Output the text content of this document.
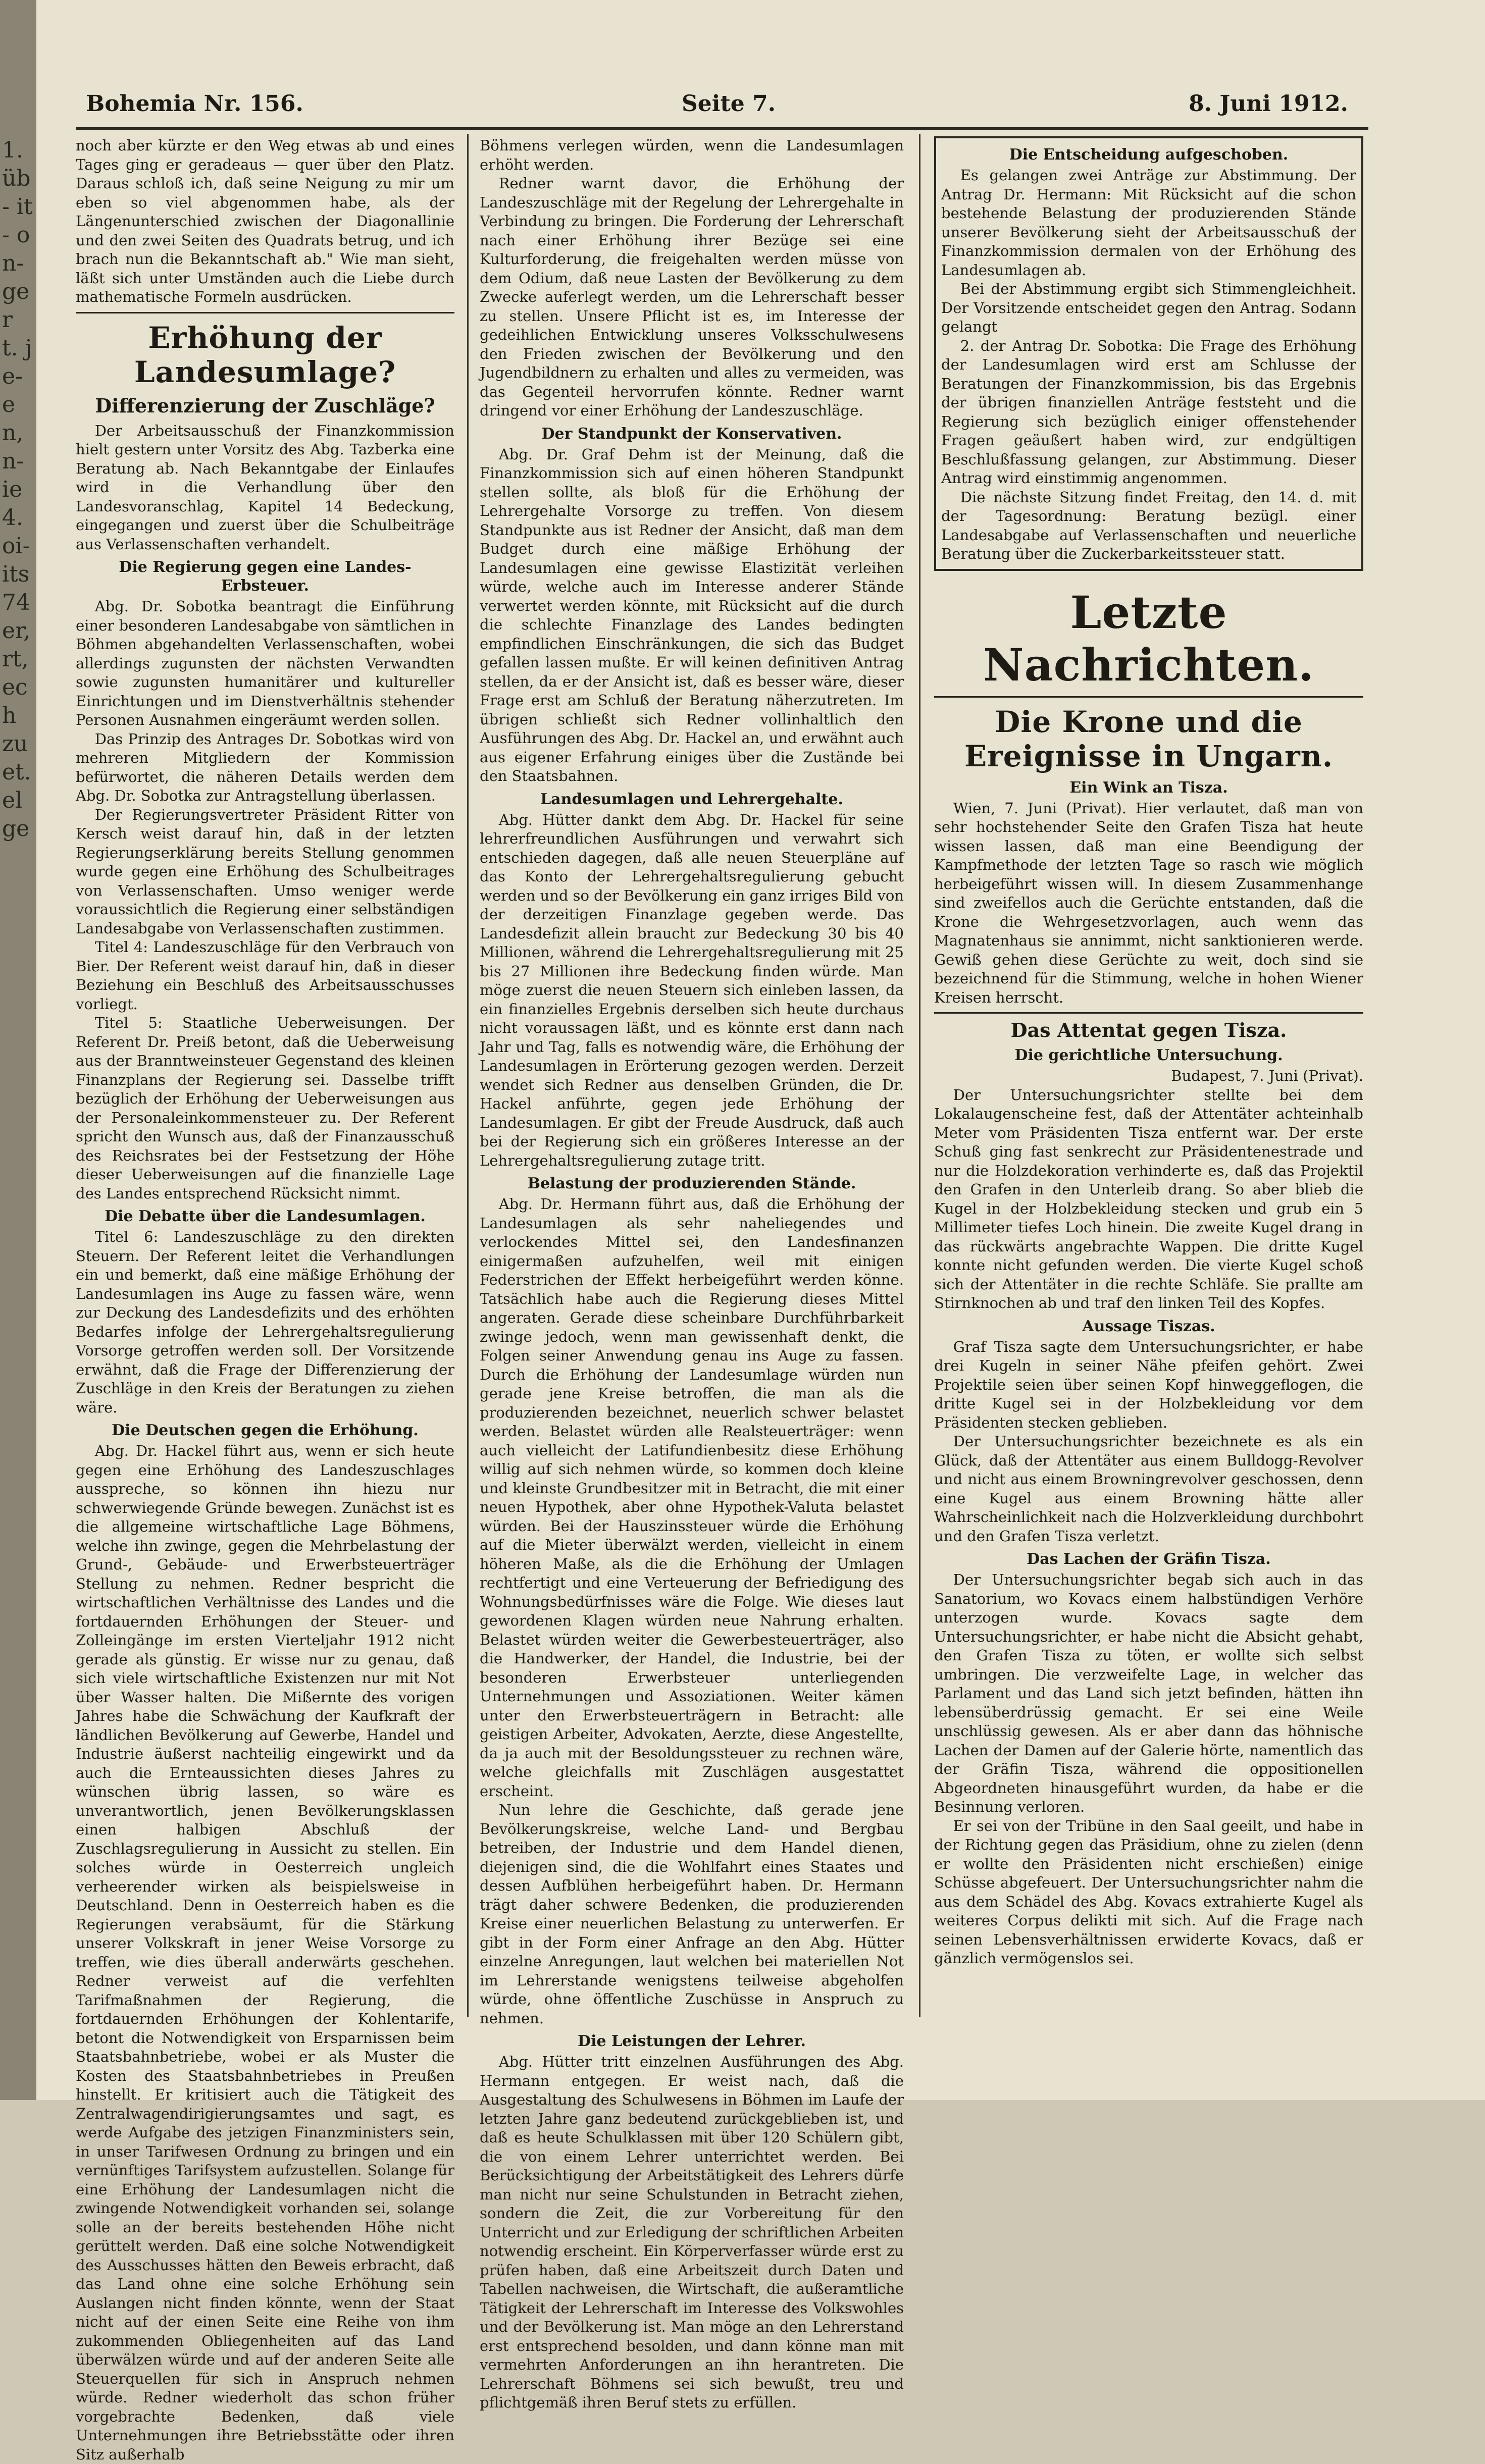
1. üb- it- on- ger t. je- en, n- ie 4. oi- its 74 er, rt, ech zu et. el ge
Bohemia Nr. 156.	Seite 7.	8. Juni 1912.

noch aber kürzte er den Weg etwas ab und eines Tages ging er geradeaus — quer über den Platz. Daraus schloß ich, daß seine Neigung zu mir um eben so viel abgenommen habe, als der Längenunterschied zwischen der Diagonallinie und den zwei Seiten des Quadrats betrug, und ich brach nun die Bekanntschaft ab." Wie man sieht, läßt sich unter Umständen auch die Liebe durch mathematische Formeln ausdrücken.

Erhöhung der Landesumlage?
Differenzierung der Zuschläge?

Der Arbeitsausschuß der Finanzkommission hielt gestern unter Vorsitz des Abg. Tazberka eine Beratung ab. Nach Bekanntgabe der Einlaufes wird in die Verhandlung über den Landesvoranschlag, Kapitel 14 Bedeckung, eingegangen und zuerst über die Schulbeiträge aus Verlassenschaften verhandelt.

Die Regierung gegen eine Landes-Erbsteuer.

Abg. Dr. Sobotka beantragt die Einführung einer besonderen Landesabgabe von sämtlichen in Böhmen abgehandelten Verlassenschaften, wobei allerdings zugunsten der nächsten Verwandten sowie zugunsten humanitärer und kultureller Einrichtungen und im Dienstverhältnis stehender Personen Ausnahmen eingeräumt werden sollen.

Das Prinzip des Antrages Dr. Sobotkas wird von mehreren Mitgliedern der Kommission befürwortet, die näheren Details werden dem Abg. Dr. Sobotka zur Antragstellung überlassen.

Der Regierungsvertreter Präsident Ritter von Kersch weist darauf hin, daß in der letzten Regierungserklärung bereits Stellung genommen wurde gegen eine Erhöhung des Schulbeitrages von Verlassenschaften. Umso weniger werde voraussichtlich die Regierung einer selbständigen Landesabgabe von Verlassenschaften zustimmen.

Titel 4: Landeszuschläge für den Verbrauch von Bier. Der Referent weist darauf hin, daß in dieser Beziehung ein Beschluß des Arbeitsausschusses vorliegt.

Titel 5: Staatliche Ueberweisungen. Der Referent Dr. Preiß betont, daß die Ueberweisung aus der Branntweinsteuer Gegenstand des kleinen Finanzplans der Regierung sei. Dasselbe trifft bezüglich der Erhöhung der Ueberweisungen aus der Personaleinkommensteuer zu. Der Referent spricht den Wunsch aus, daß der Finanzausschuß des Reichsrates bei der Festsetzung der Höhe dieser Ueberweisungen auf die finanzielle Lage des Landes entsprechend Rücksicht nimmt.

Die Debatte über die Landesumlagen.

Titel 6: Landeszuschläge zu den direkten Steuern. Der Referent leitet die Verhandlungen ein und bemerkt, daß eine mäßige Erhöhung der Landesumlagen ins Auge zu fassen wäre, wenn zur Deckung des Landesdefizits und des erhöhten Bedarfes infolge der Lehrergehaltsregulierung Vorsorge getroffen werden soll. Der Vorsitzende erwähnt, daß die Frage der Differenzierung der Zuschläge in den Kreis der Beratungen zu ziehen wäre.

Die Deutschen gegen die Erhöhung.

Abg. Dr. Hackel führt aus, wenn er sich heute gegen eine Erhöhung des Landeszuschlages ausspreche, so können ihn hiezu nur schwerwiegende Gründe bewegen. Zunächst ist es die allgemeine wirtschaftliche Lage Böhmens, welche ihn zwinge, gegen die Mehrbelastung der Grund-, Gebäude- und Erwerbsteuerträger Stellung zu nehmen. Redner bespricht die wirtschaftlichen Verhältnisse des Landes und die fortdauernden Erhöhungen der Steuer- und Zolleingänge im ersten Vierteljahr 1912 nicht gerade als günstig. Er wisse nur zu genau, daß sich viele wirtschaftliche Existenzen nur mit Not über Wasser halten. Die Mißernte des vorigen Jahres habe die Schwächung der Kaufkraft der ländlichen Bevölkerung auf Gewerbe, Handel und Industrie äußerst nachteilig eingewirkt und da auch die Ernteaussichten dieses Jahres zu wünschen übrig lassen, so wäre es unverantwortlich, jenen Bevölkerungsklassen einen halbigen Abschluß der Zuschlagsregulierung in Aussicht zu stellen. Ein solches würde in Oesterreich ungleich verheerender wirken als beispielsweise in Deutschland. Denn in Oesterreich haben es die Regierungen verabsäumt, für die Stärkung unserer Volkskraft in jener Weise Vorsorge zu treffen, wie dies überall anderwärts geschehen. Redner verweist auf die verfehlten Tarifmaßnahmen der Regierung, die fortdauernden Erhöhungen der Kohlentarife, betont die Notwendigkeit von Ersparnissen beim Staatsbahnbetriebe, wobei er als Muster die Kosten des Staatsbahnbetriebes in Preußen hinstellt. Er kritisiert auch die Tätigkeit des Zentralwagendirigierungsamtes und sagt, es werde Aufgabe des jetzigen Finanzministers sein, in unser Tarifwesen Ordnung zu bringen und ein vernünftiges Tarifsystem aufzustellen. Solange für eine Erhöhung der Landesumlagen nicht die zwingende Notwendigkeit vorhanden sei, solange solle an der bereits bestehenden Höhe nicht gerüttelt werden. Daß eine solche Notwendigkeit des Ausschusses hätten den Beweis erbracht, daß das Land ohne eine solche Erhöhung sein Auslangen nicht finden könnte, wenn der Staat nicht auf der einen Seite eine Reihe von ihm zukommenden Obliegenheiten auf das Land überwälzen würde und auf der anderen Seite alle Steuerquellen für sich in Anspruch nehmen würde. Redner wiederholt das schon früher vorgebrachte Bedenken, daß viele Unternehmungen ihre Betriebsstätte oder ihren Sitz außerhalb

Böhmens verlegen würden, wenn die Landesumlagen erhöht werden.

Redner warnt davor, die Erhöhung der Landeszuschläge mit der Regelung der Lehrergehalte in Verbindung zu bringen. Die Forderung der Lehrerschaft nach einer Erhöhung ihrer Bezüge sei eine Kulturforderung, die freigehalten werden müsse von dem Odium, daß neue Lasten der Bevölkerung zu dem Zwecke auferlegt werden, um die Lehrerschaft besser zu stellen. Unsere Pflicht ist es, im Interesse der gedeihlichen Entwicklung unseres Volksschulwesens den Frieden zwischen der Bevölkerung und den Jugendbildnern zu erhalten und alles zu vermeiden, was das Gegenteil hervorrufen könnte. Redner warnt dringend vor einer Erhöhung der Landeszuschläge.

Der Standpunkt der Konservativen.

Abg. Dr. Graf Dehm ist der Meinung, daß die Finanzkommission sich auf einen höheren Standpunkt stellen sollte, als bloß für die Erhöhung der Lehrergehalte Vorsorge zu treffen. Von diesem Standpunkte aus ist Redner der Ansicht, daß man dem Budget durch eine mäßige Erhöhung der Landesumlagen eine gewisse Elastizität verleihen würde, welche auch im Interesse anderer Stände verwertet werden könnte, mit Rücksicht auf die durch die schlechte Finanzlage des Landes bedingten empfindlichen Einschränkungen, die sich das Budget gefallen lassen mußte. Er will keinen definitiven Antrag stellen, da er der Ansicht ist, daß es besser wäre, dieser Frage erst am Schluß der Beratung näherzutreten. Im übrigen schließt sich Redner vollinhaltlich den Ausführungen des Abg. Dr. Hackel an, und erwähnt auch aus eigener Erfahrung einiges über die Zustände bei den Staatsbahnen.

Landesumlagen und Lehrergehalte.

Abg. Hütter dankt dem Abg. Dr. Hackel für seine lehrerfreundlichen Ausführungen und verwahrt sich entschieden dagegen, daß alle neuen Steuerpläne auf das Konto der Lehrergehaltsregulierung gebucht werden und so der Bevölkerung ein ganz irriges Bild von der derzeitigen Finanzlage gegeben werde. Das Landesdefizit allein braucht zur Bedeckung 30 bis 40 Millionen, während die Lehrergehaltsregulierung mit 25 bis 27 Millionen ihre Bedeckung finden würde. Man möge zuerst die neuen Steuern sich einleben lassen, da ein finanzielles Ergebnis derselben sich heute durchaus nicht voraussagen läßt, und es könnte erst dann nach Jahr und Tag, falls es notwendig wäre, die Erhöhung der Landesumlagen in Erörterung gezogen werden. Derzeit wendet sich Redner aus denselben Gründen, die Dr. Hackel anführte, gegen jede Erhöhung der Landesumlagen. Er gibt der Freude Ausdruck, daß auch bei der Regierung sich ein größeres Interesse an der Lehrergehaltsregulierung zutage tritt.

Belastung der produzierenden Stände.

Abg. Dr. Hermann führt aus, daß die Erhöhung der Landesumlagen als sehr naheliegendes und verlockendes Mittel sei, den Landesfinanzen einigermaßen aufzuhelfen, weil mit einigen Federstrichen der Effekt herbeigeführt werden könne. Tatsächlich habe auch die Regierung dieses Mittel angeraten. Gerade diese scheinbare Durchführbarkeit zwinge jedoch, wenn man gewissenhaft denkt, die Folgen seiner Anwendung genau ins Auge zu fassen. Durch die Erhöhung der Landesumlage würden nun gerade jene Kreise betroffen, die man als die produzierenden bezeichnet, neuerlich schwer belastet werden. Belastet würden alle Realsteuerträger: wenn auch vielleicht der Latifundienbesitz diese Erhöhung willig auf sich nehmen würde, so kommen doch kleine und kleinste Grundbesitzer mit in Betracht, die mit einer neuen Hypothek, aber ohne Hypothek-Valuta belastet würden. Bei der Hauszinssteuer würde die Erhöhung auf die Mieter überwälzt werden, vielleicht in einem höheren Maße, als die die Erhöhung der Umlagen rechtfertigt und eine Verteuerung der Befriedigung des Wohnungsbedürfnisses wäre die Folge. Wie dieses laut gewordenen Klagen würden neue Nahrung erhalten. Belastet würden weiter die Gewerbesteuerträger, also die Handwerker, der Handel, die Industrie, bei der besonderen Erwerbsteuer unterliegenden Unternehmungen und Assoziationen. Weiter kämen unter den Erwerbsteuerträgern in Betracht: alle geistigen Arbeiter, Advokaten, Aerzte, diese Angestellte, da ja auch mit der Besoldungssteuer zu rechnen wäre, welche gleichfalls mit Zuschlägen ausgestattet erscheint.

Nun lehre die Geschichte, daß gerade jene Bevölkerungskreise, welche Land- und Bergbau betreiben, der Industrie und dem Handel dienen, diejenigen sind, die die Wohlfahrt eines Staates und dessen Aufblühen herbeigeführt haben. Dr. Hermann trägt daher schwere Bedenken, die produzierenden Kreise einer neuerlichen Belastung zu unterwerfen. Er gibt in der Form einer Anfrage an den Abg. Hütter einzelne Anregungen, laut welchen bei materiellen Not im Lehrerstande wenigstens teilweise abgeholfen würde, ohne öffentliche Zuschüsse in Anspruch zu nehmen.

Die Leistungen der Lehrer.

Abg. Hütter tritt einzelnen Ausführungen des Abg. Hermann entgegen. Er weist nach, daß die Ausgestaltung des Schulwesens in Böhmen im Laufe der letzten Jahre ganz bedeutend zurückgeblieben ist, und daß es heute Schulklassen mit über 120 Schülern gibt, die von einem Lehrer unterrichtet werden. Bei Berücksichtigung der Arbeitstätigkeit des Lehrers dürfe man nicht nur seine Schulstunden in Betracht ziehen, sondern die Zeit, die zur Vorbereitung für den Unterricht und zur Erledigung der schriftlichen Arbeiten notwendig erscheint. Ein Körperverfasser würde erst zu prüfen haben, daß eine Arbeitszeit durch Daten und Tabellen nachweisen, die Wirtschaft, die außeramtliche Tätigkeit der Lehrerschaft im Interesse des Volkswohles und der Bevölkerung ist. Man möge an den Lehrerstand erst entsprechend besolden, und dann könne man mit vermehrten Anforderungen an ihn herantreten. Die Lehrerschaft Böhmens sei sich bewußt, treu und pflichtgemäß ihren Beruf stets zu erfüllen.

Die Entscheidung aufgeschoben.

Es gelangen zwei Anträge zur Abstimmung. Der Antrag Dr. Hermann: Mit Rücksicht auf die schon bestehende Belastung der produzierenden Stände unserer Bevölkerung sieht der Arbeitsausschuß der Finanzkommission dermalen von der Erhöhung des Landesumlagen ab.

Bei der Abstimmung ergibt sich Stimmengleichheit. Der Vorsitzende entscheidet gegen den Antrag. Sodann gelangt

2. der Antrag Dr. Sobotka: Die Frage des Erhöhung der Landesumlagen wird erst am Schlusse der Beratungen der Finanzkommission, bis das Ergebnis der übrigen finanziellen Anträge feststeht und die Regierung sich bezüglich einiger offenstehender Fragen geäußert haben wird, zur endgültigen Beschlußfassung gelangen, zur Abstimmung. Dieser Antrag wird einstimmig angenommen.

Die nächste Sitzung findet Freitag, den 14. d. mit der Tagesordnung: Beratung bezügl. einer Landesabgabe auf Verlassenschaften und neuerliche Beratung über die Zuckerbarkeitssteuer statt.

Letzte Nachrichten.
Die Krone und die Ereignisse in Ungarn.
Ein Wink an Tisza.

Wien, 7. Juni (Privat). Hier verlautet, daß man von sehr hochstehender Seite den Grafen Tisza hat heute wissen lassen, daß man eine Beendigung der Kampfmethode der letzten Tage so rasch wie möglich herbeigeführt wissen will. In diesem Zusammenhange sind zweifellos auch die Gerüchte entstanden, daß die Krone die Wehrgesetzvorlagen, auch wenn das Magnatenhaus sie annimmt, nicht sanktionieren werde. Gewiß gehen diese Gerüchte zu weit, doch sind sie bezeichnend für die Stimmung, welche in hohen Wiener Kreisen herrscht.

Das Attentat gegen Tisza.
Die gerichtliche Untersuchung.

Budapest, 7. Juni (Privat).

Der Untersuchungsrichter stellte bei dem Lokalaugenscheine fest, daß der Attentäter achteinhalb Meter vom Präsidenten Tisza entfernt war. Der erste Schuß ging fast senkrecht zur Präsidentenestrade und nur die Holzdekoration verhinderte es, daß das Projektil den Grafen in den Unterleib drang. So aber blieb die Kugel in der Holzbekleidung stecken und grub ein 5 Millimeter tiefes Loch hinein. Die zweite Kugel drang in das rückwärts angebrachte Wappen. Die dritte Kugel konnte nicht gefunden werden. Die vierte Kugel schoß sich der Attentäter in die rechte Schläfe. Sie prallte am Stirnknochen ab und traf den linken Teil des Kopfes.

Aussage Tiszas.

Graf Tisza sagte dem Untersuchungsrichter, er habe drei Kugeln in seiner Nähe pfeifen gehört. Zwei Projektile seien über seinen Kopf hinweggeflogen, die dritte Kugel sei in der Holzbekleidung vor dem Präsidenten stecken geblieben.

Der Untersuchungsrichter bezeichnete es als ein Glück, daß der Attentäter aus einem Bulldogg-Revolver und nicht aus einem Browningrevolver geschossen, denn eine Kugel aus einem Browning hätte aller Wahrscheinlichkeit nach die Holzverkleidung durchbohrt und den Grafen Tisza verletzt.

Das Lachen der Gräfin Tisza.

Der Untersuchungsrichter begab sich auch in das Sanatorium, wo Kovacs einem halbstündigen Verhöre unterzogen wurde. Kovacs sagte dem Untersuchungsrichter, er habe nicht die Absicht gehabt, den Grafen Tisza zu töten, er wollte sich selbst umbringen. Die verzweifelte Lage, in welcher das Parlament und das Land sich jetzt befinden, hätten ihn lebensüberdrüssig gemacht. Er sei eine Weile unschlüssig gewesen. Als er aber dann das höhnische Lachen der Damen auf der Galerie hörte, namentlich das der Gräfin Tisza, während die oppositionellen Abgeordneten hinausgeführt wurden, da habe er die Besinnung verloren.

Er sei von der Tribüne in den Saal geeilt, und habe in der Richtung gegen das Präsidium, ohne zu zielen (denn er wollte den Präsidenten nicht erschießen) einige Schüsse abgefeuert. Der Untersuchungsrichter nahm die aus dem Schädel des Abg. Kovacs extrahierte Kugel als weiteres Corpus delikti mit sich. Auf die Frage nach seinen Lebensverhältnissen erwiderte Kovacs, daß er gänzlich vermögenslos sei.
